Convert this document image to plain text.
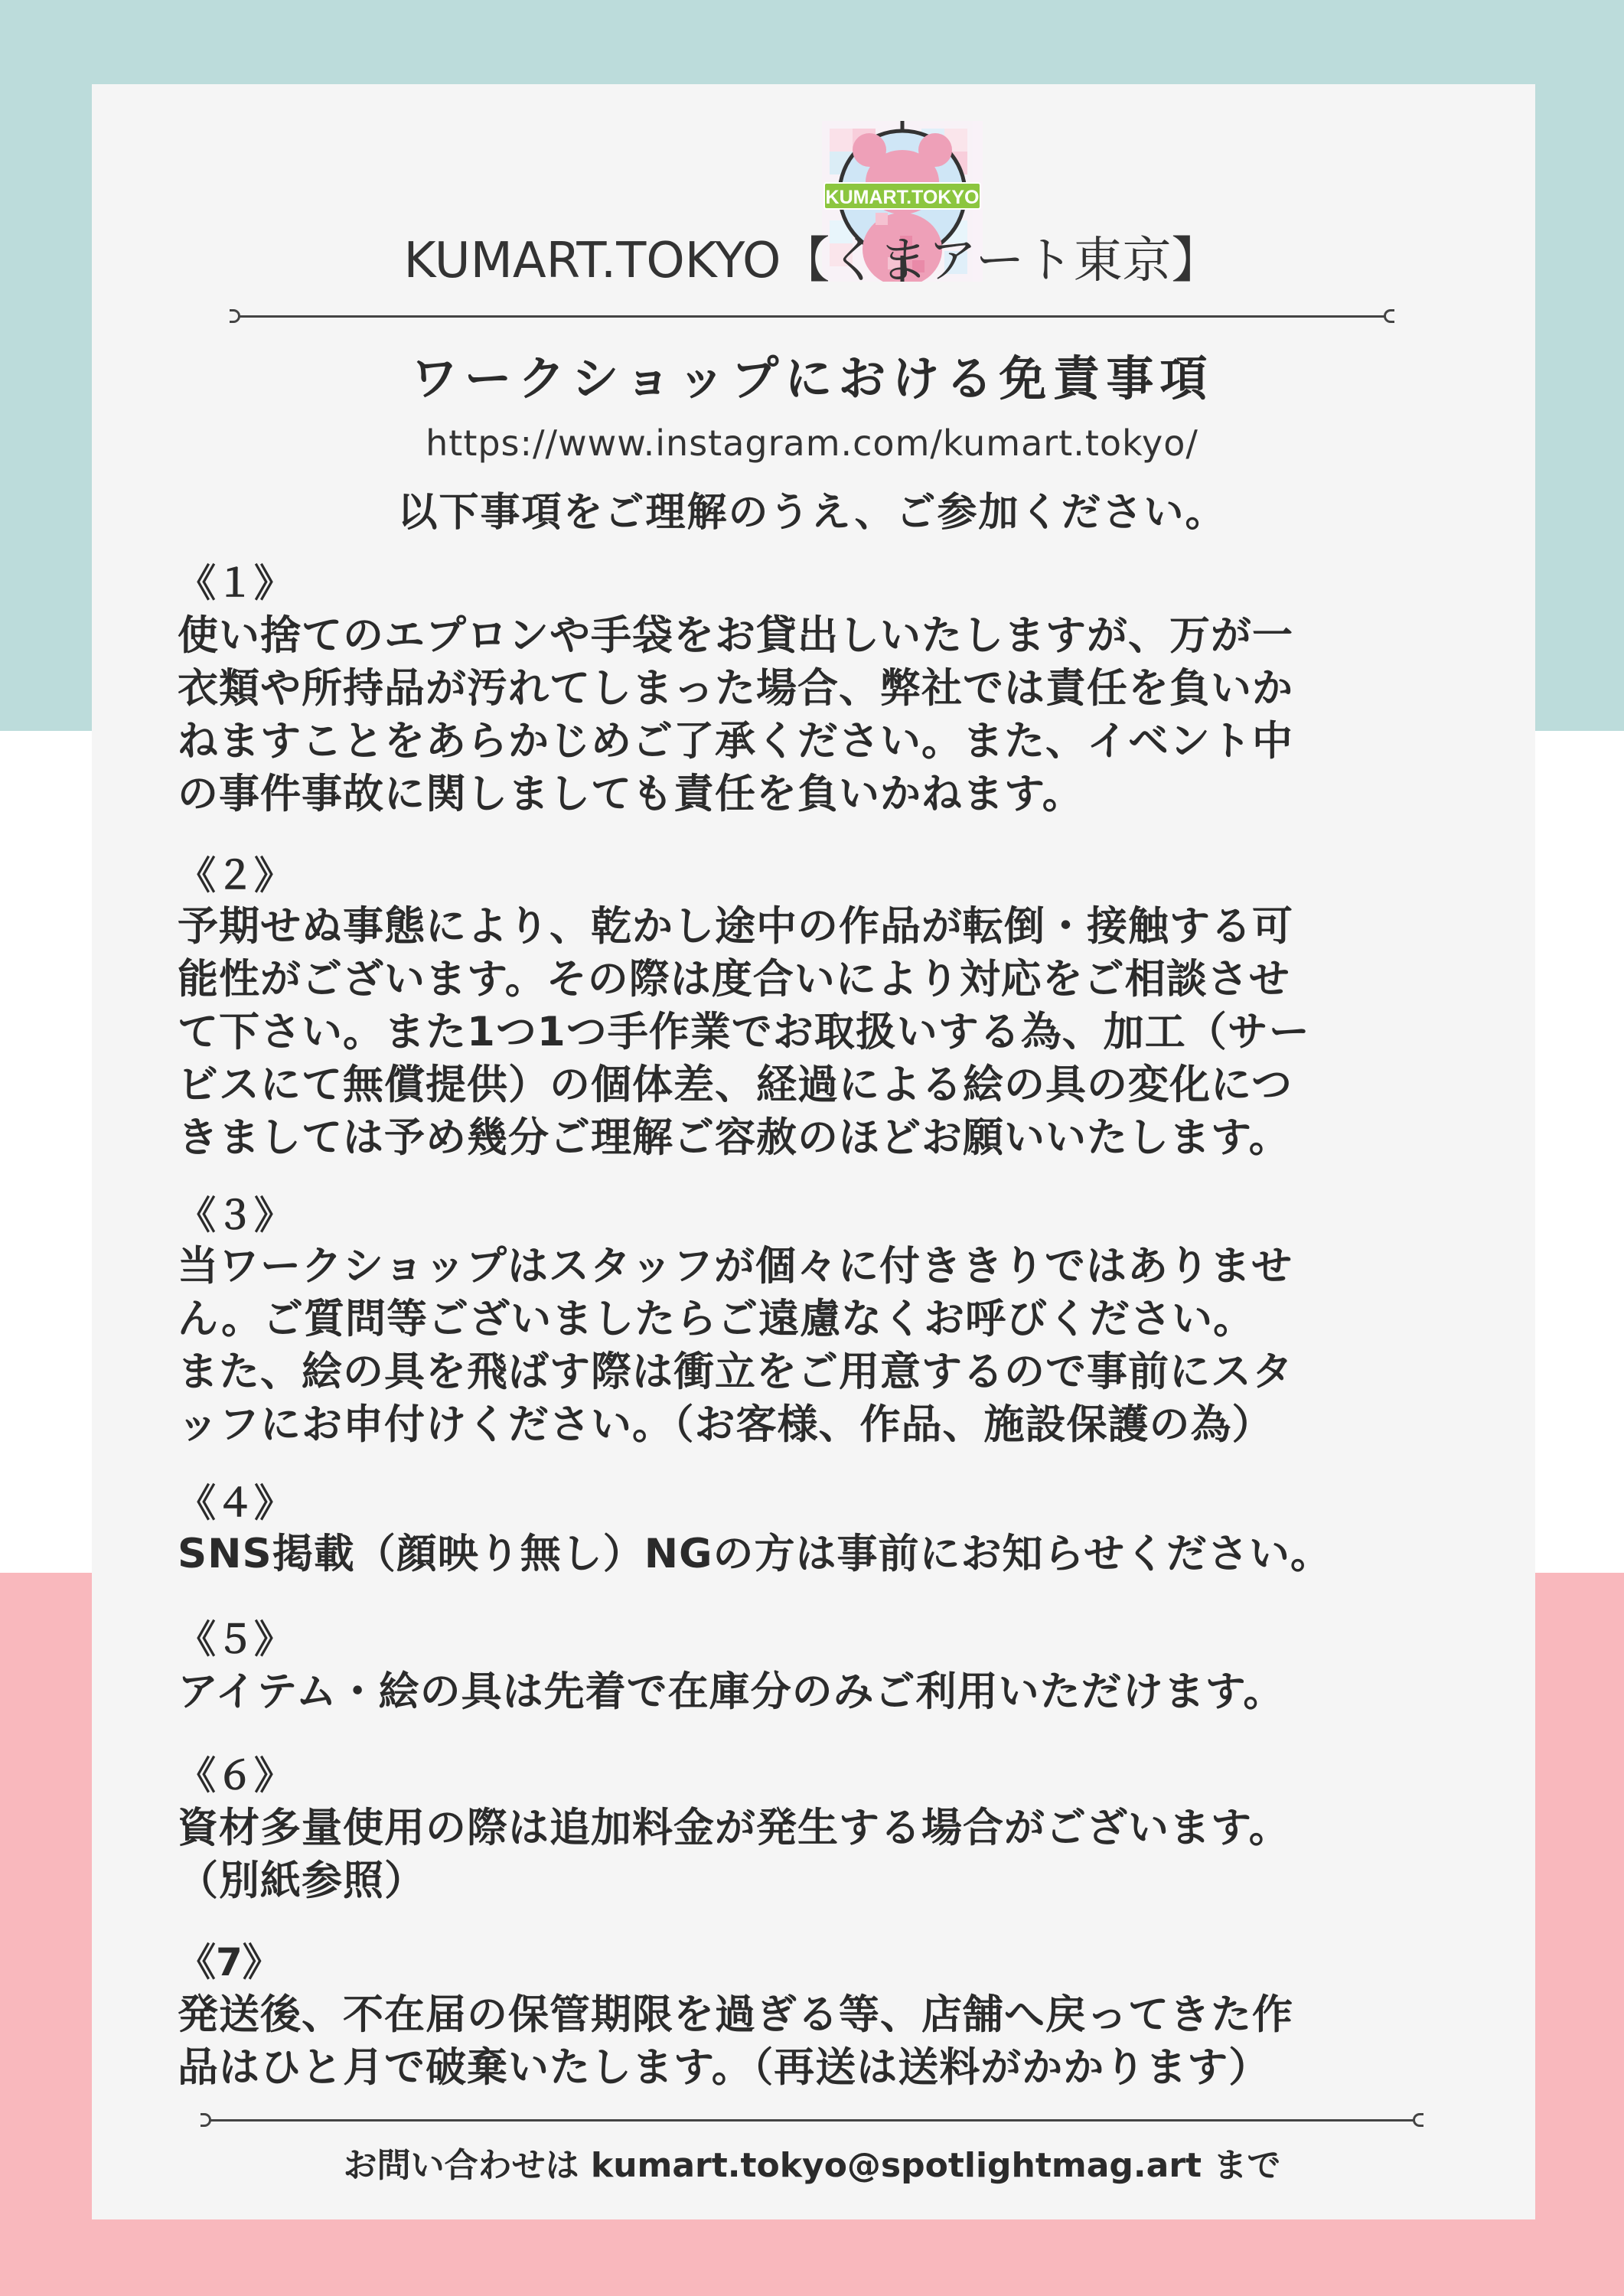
KUMART.TOKYO
KUMART.TOKYO【くまアート東京】
ワークショップにおける免責事項
https://www.instagram.com/kumart.tokyo/
以下事項をご理解のうえ、ご参加ください。
《１》
使い捨てのエプロンや手袋をお貸出しいたしますが、万が一
衣類や所持品が汚れてしまった場合、弊社では責任を負いか
ねますことをあらかじめご了承ください。また、イベント中
の事件事故に関しましても責任を負いかねます。
《２》
予期せぬ事態により、乾かし途中の作品が転倒・接触する可
能性がございます。その際は度合いにより対応をご相談させ
て下さい。また1つ1つ手作業でお取扱いする為、加工（サー
ビスにて無償提供）の個体差、経過による絵の具の変化につ
きましては予め幾分ご理解ご容赦のほどお願いいたします。
《３》
当ワークショップはスタッフが個々に付ききりではありませ
ん。ご質問等ございましたらご遠慮なくお呼びください。
また、絵の具を飛ばす際は衝立をご用意するので事前にスタ
ッフにお申付けください。（お客様、作品、施設保護の為）
《４》
SNS掲載（顔映り無し）NGの方は事前にお知らせください。
《５》
アイテム・絵の具は先着で在庫分のみご利用いただけます。
《６》
資材多量使用の際は追加料金が発生する場合がございます。
（別紙参照）
《7》
発送後、不在届の保管期限を過ぎる等、店舗へ戻ってきた作
品はひと月で破棄いたします。（再送は送料がかかります）
お問い合わせは kumart.tokyo@spotlightmag.art まで
